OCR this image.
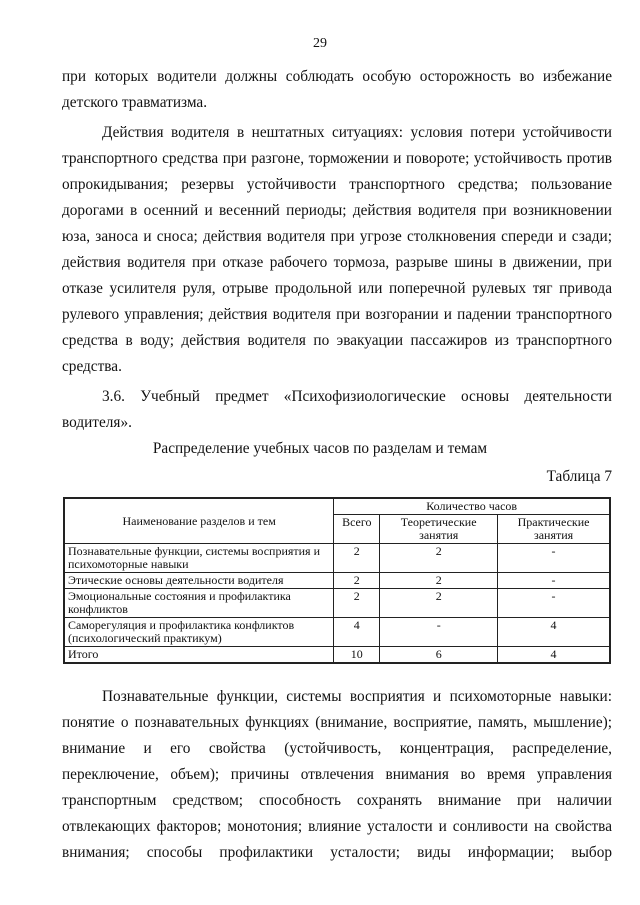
29

при которых водители должны соблюдать особую осторожность во избежание

детского травматизма.

Действия водителя в нештатных ситуациях: условия потери устойчивости

транспортного средства при разгоне, торможении и повороте; устойчивость против

опрокидывания; резервы устойчивости транспортного средства; пользование

дорогами в осенний и весенний периоды; действия водителя при возникновении

юза, заноса и сноса; действия водителя при угрозе столкновения спереди и сзади;

действия водителя при отказе рабочего тормоза, разрыве шины в движении, при

отказе усилителя руля, отрыве продольной или поперечной рулевых тяг привода

рулевого управления; действия водителя при возгорании и падении транспортного

средства в воду; действия водителя по эвакуации пассажиров из транспортного

средства.

3.6. Учебный предмет «Психофизиологические основы деятельности

водителя».

Распределение учебных часов по разделам и темам
Таблица 7
Наименование разделов и тем	Количество часов		
	Всего	Теоретические занятия	Практические занятия
Познавательные функции, системы восприятия и психомоторные навыки	2	2	-
Этические основы деятельности водителя	2	2	-
Эмоциональные состояния и профилактика конфликтов	2	2	-
Саморегуляция и профилактика конфликтов (психологический практикум)	4	-	4
Итого	10	6	4

Познавательные функции, системы восприятия и психомоторные навыки:

понятие о познавательных функциях (внимание, восприятие, память, мышление);

внимание и его свойства (устойчивость, концентрация, распределение,

переключение, объем); причины отвлечения внимания во время управления

транспортным средством; способность сохранять внимание при наличии

отвлекающих факторов; монотония; влияние усталости и сонливости на свойства

внимания; способы профилактики усталости; виды информации; выбор
